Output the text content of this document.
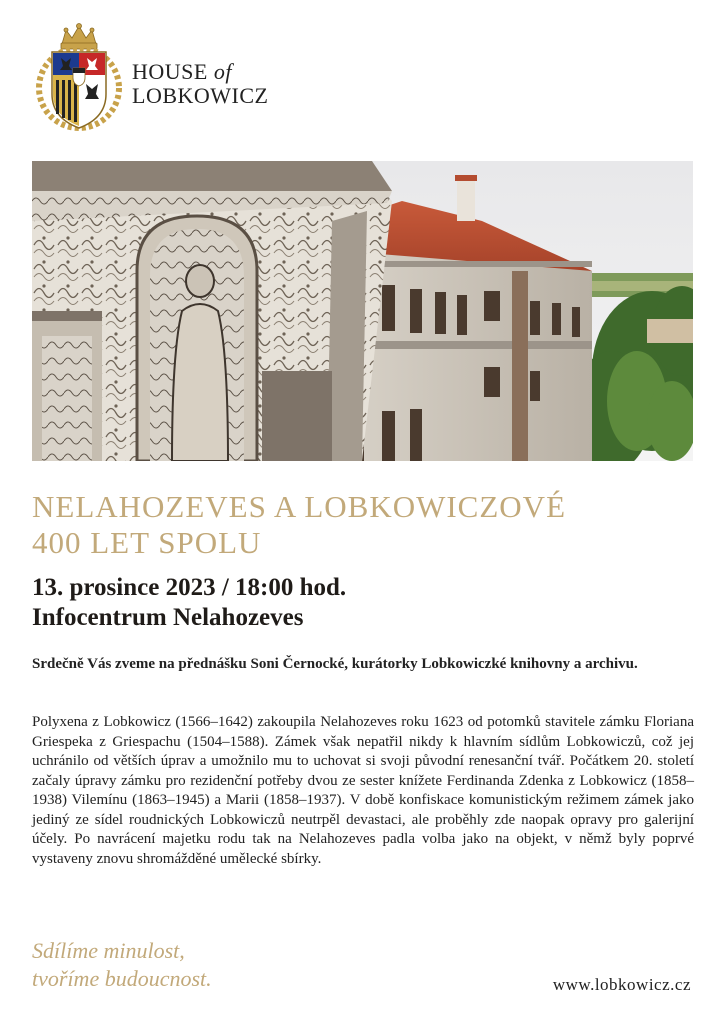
HOUSE of
LOBKOWICZ
NELAHOZEVES A LOBKOWICZOVÉ
400 LET SPOLU
13. prosince 2023 / 18:00 hod.
Infocentrum Nelahozeves
Srdečně Vás zveme na přednášku Soni Černocké, kurátorky Lobkowiczké knihovny a archivu.
Polyxena z Lobkowicz (1566–1642) zakoupila Nelahozeves roku 1623 od potomků stavitele zámku Floriana Griespeka z Griespachu (1504–1588). Zámek však nepatřil nikdy k hlavním sídlům Lobkowiczů, což jej uchránilo od větších úprav a umožnilo mu to uchovat si svoji původní renesanční tvář. Počátkem 20. století začaly úpravy zámku pro rezidenční potřeby dvou ze sester knížete Ferdinanda Zdenka z Lobkowicz (1858–1938) Vilemínu (1863–1945) a Marii (1858–1937). V době konfiskace komunistickým režimem zámek jako jediný ze sídel roudnických Lobkowiczů neutrpěl devastaci, ale proběhly zde naopak opravy pro galerijní účely. Po navrácení majetku rodu tak na Nelahozeves padla volba jako na objekt, v němž byly poprvé vystaveny znovu shromážděné umělecké sbírky.
Sdílíme minulost,
tvoříme budoucnost.	www.lobkowicz.cz
